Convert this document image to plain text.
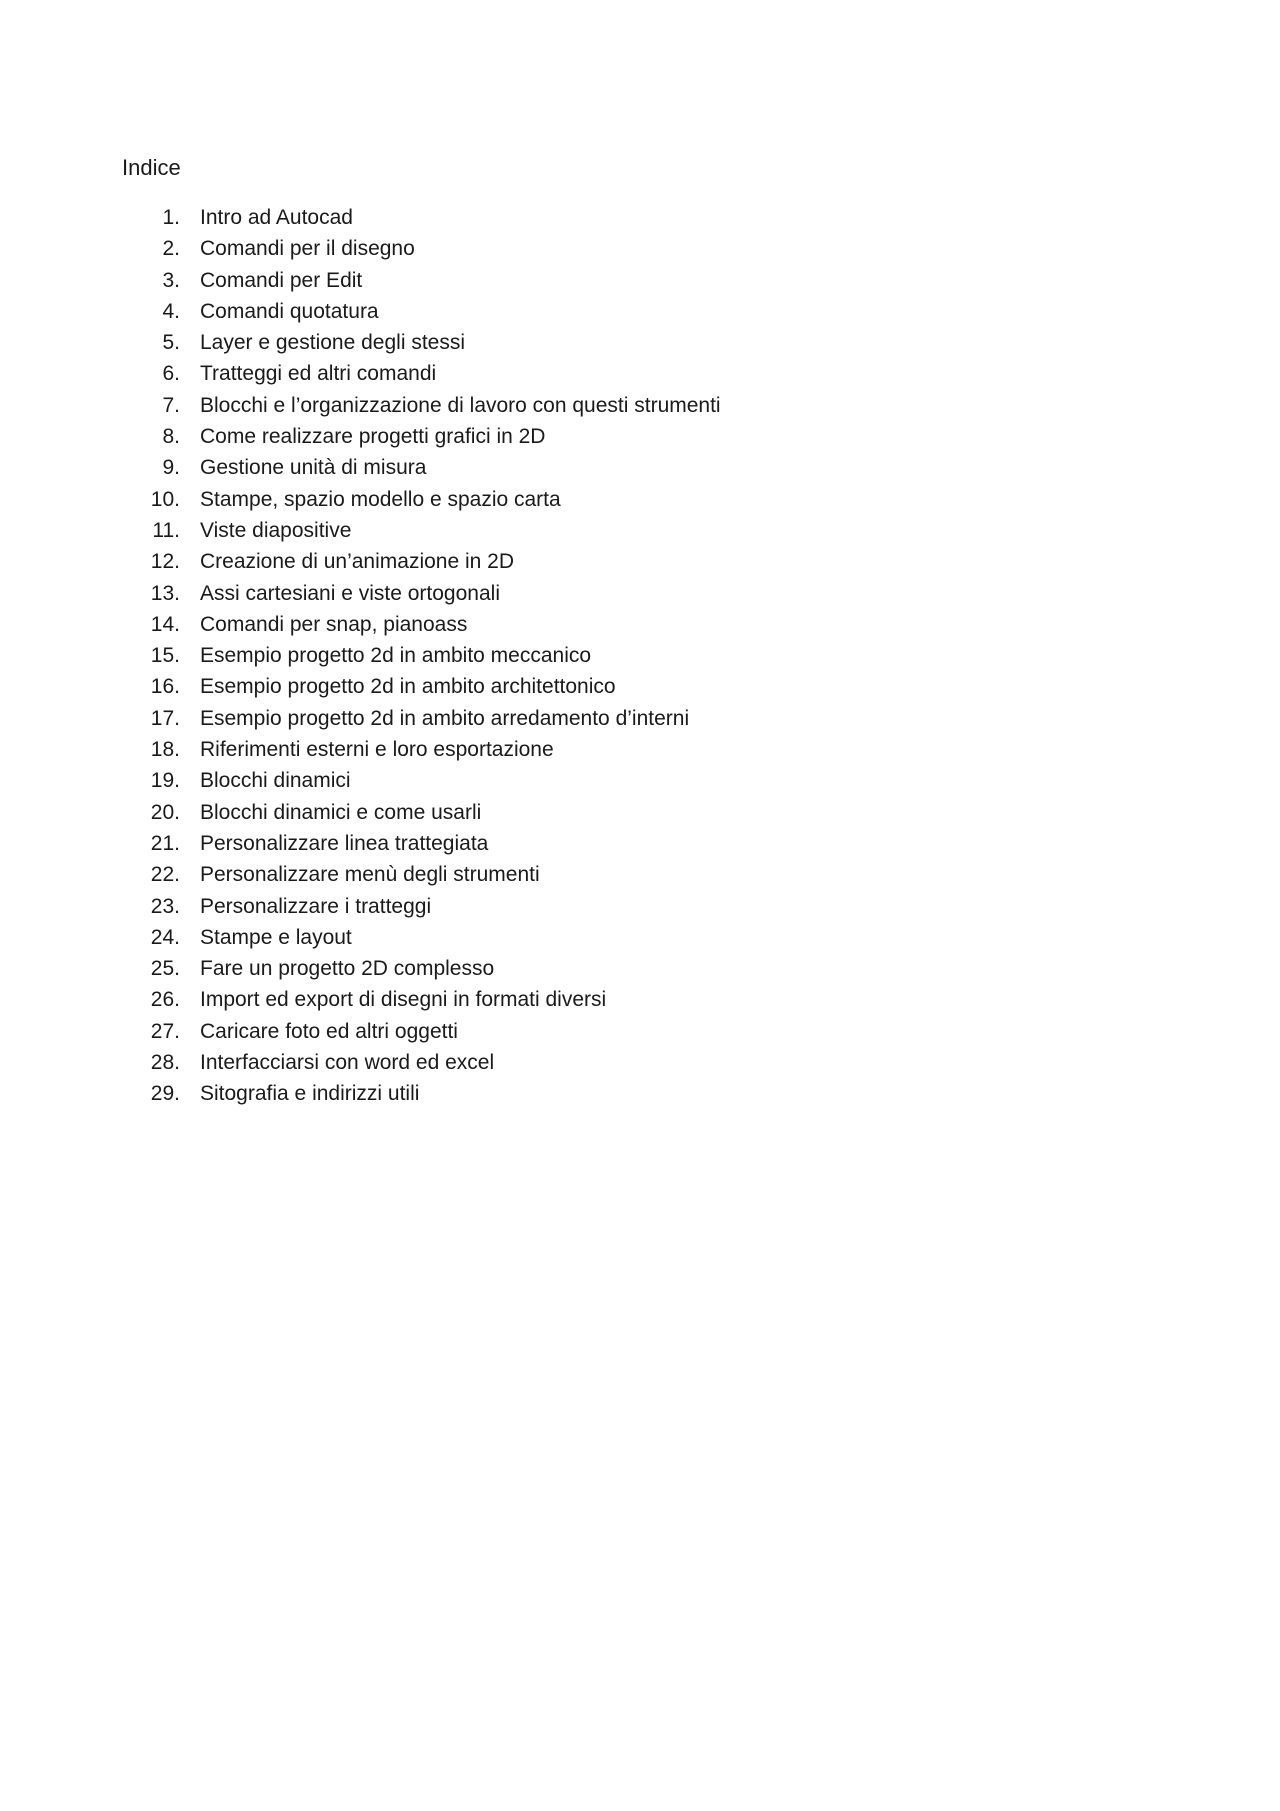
Indice
1. Intro ad Autocad
2. Comandi per il disegno
3. Comandi per Edit
4. Comandi quotatura
5. Layer e gestione degli stessi
6. Tratteggi ed altri comandi
7. Blocchi e l’organizzazione di lavoro con questi strumenti
8. Come realizzare progetti grafici in 2D
9. Gestione unità di misura
10. Stampe, spazio modello e spazio carta
11. Viste diapositive
12. Creazione di un’animazione in 2D
13. Assi cartesiani e viste ortogonali
14. Comandi per snap, pianoass
15. Esempio progetto 2d in ambito meccanico
16. Esempio progetto 2d in ambito architettonico
17. Esempio progetto 2d in ambito arredamento d’interni
18. Riferimenti esterni e loro esportazione
19. Blocchi dinamici
20. Blocchi dinamici e come usarli
21. Personalizzare linea trattegiata
22. Personalizzare menù degli strumenti
23. Personalizzare i tratteggi
24. Stampe e layout
25. Fare un progetto 2D complesso
26. Import ed export di disegni in formati diversi
27. Caricare foto ed altri oggetti
28. Interfacciarsi con word ed excel
29. Sitografia e indirizzi utili
